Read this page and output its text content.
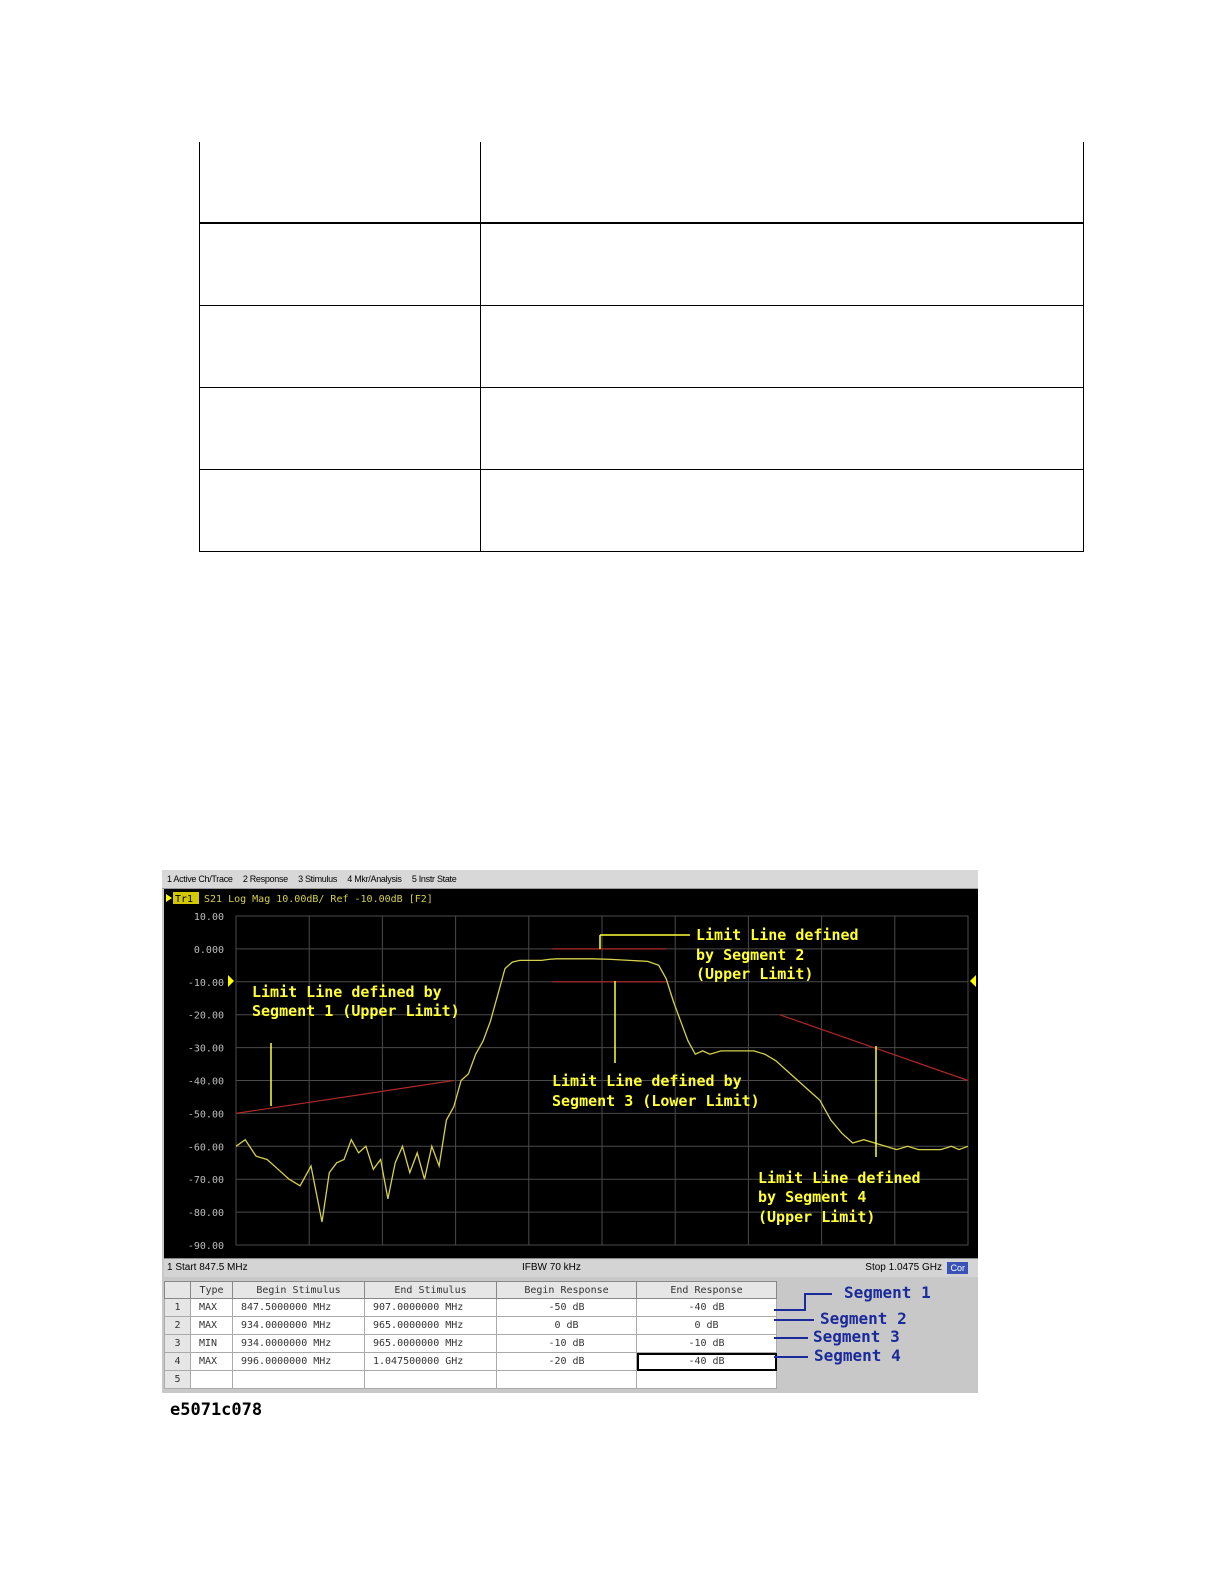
1 Active Ch/Trace 2 Response 3 Stimulus 4 Mkr/Analysis 5 Instr State
10.00
0.000
-10.00
-20.00
-30.00
-40.00
-50.00
-60.00
-70.00
-80.00
-90.00
Tr1 S21 Log Mag 10.00dB/ Ref -10.00dB [F2]
Limit Line defined by
Segment 1 (Upper Limit)
Limit Line defined
by Segment 2
(Upper Limit)
Limit Line defined by
Segment 3 (Lower Limit)
Limit Line defined
by Segment 4
(Upper Limit)
1 Start 847.5 MHz	IFBW 70 kHz	Stop 1.0475 GHz Cor
	Type	Begin Stimulus	End Stimulus	Begin Response	End Response
1	MAX	847.5000000 MHz	907.0000000 MHz	-50 dB	-40 dB
2	MAX	934.0000000 MHz	965.0000000 MHz	0 dB	0 dB
3	MIN	934.0000000 MHz	965.0000000 MHz	-10 dB	-10 dB
4	MAX	996.0000000 MHz	1.047500000 GHz	-20 dB	-40 dB
5					
Segment 1
Segment 2
Segment 3
Segment 4
e5071c078
